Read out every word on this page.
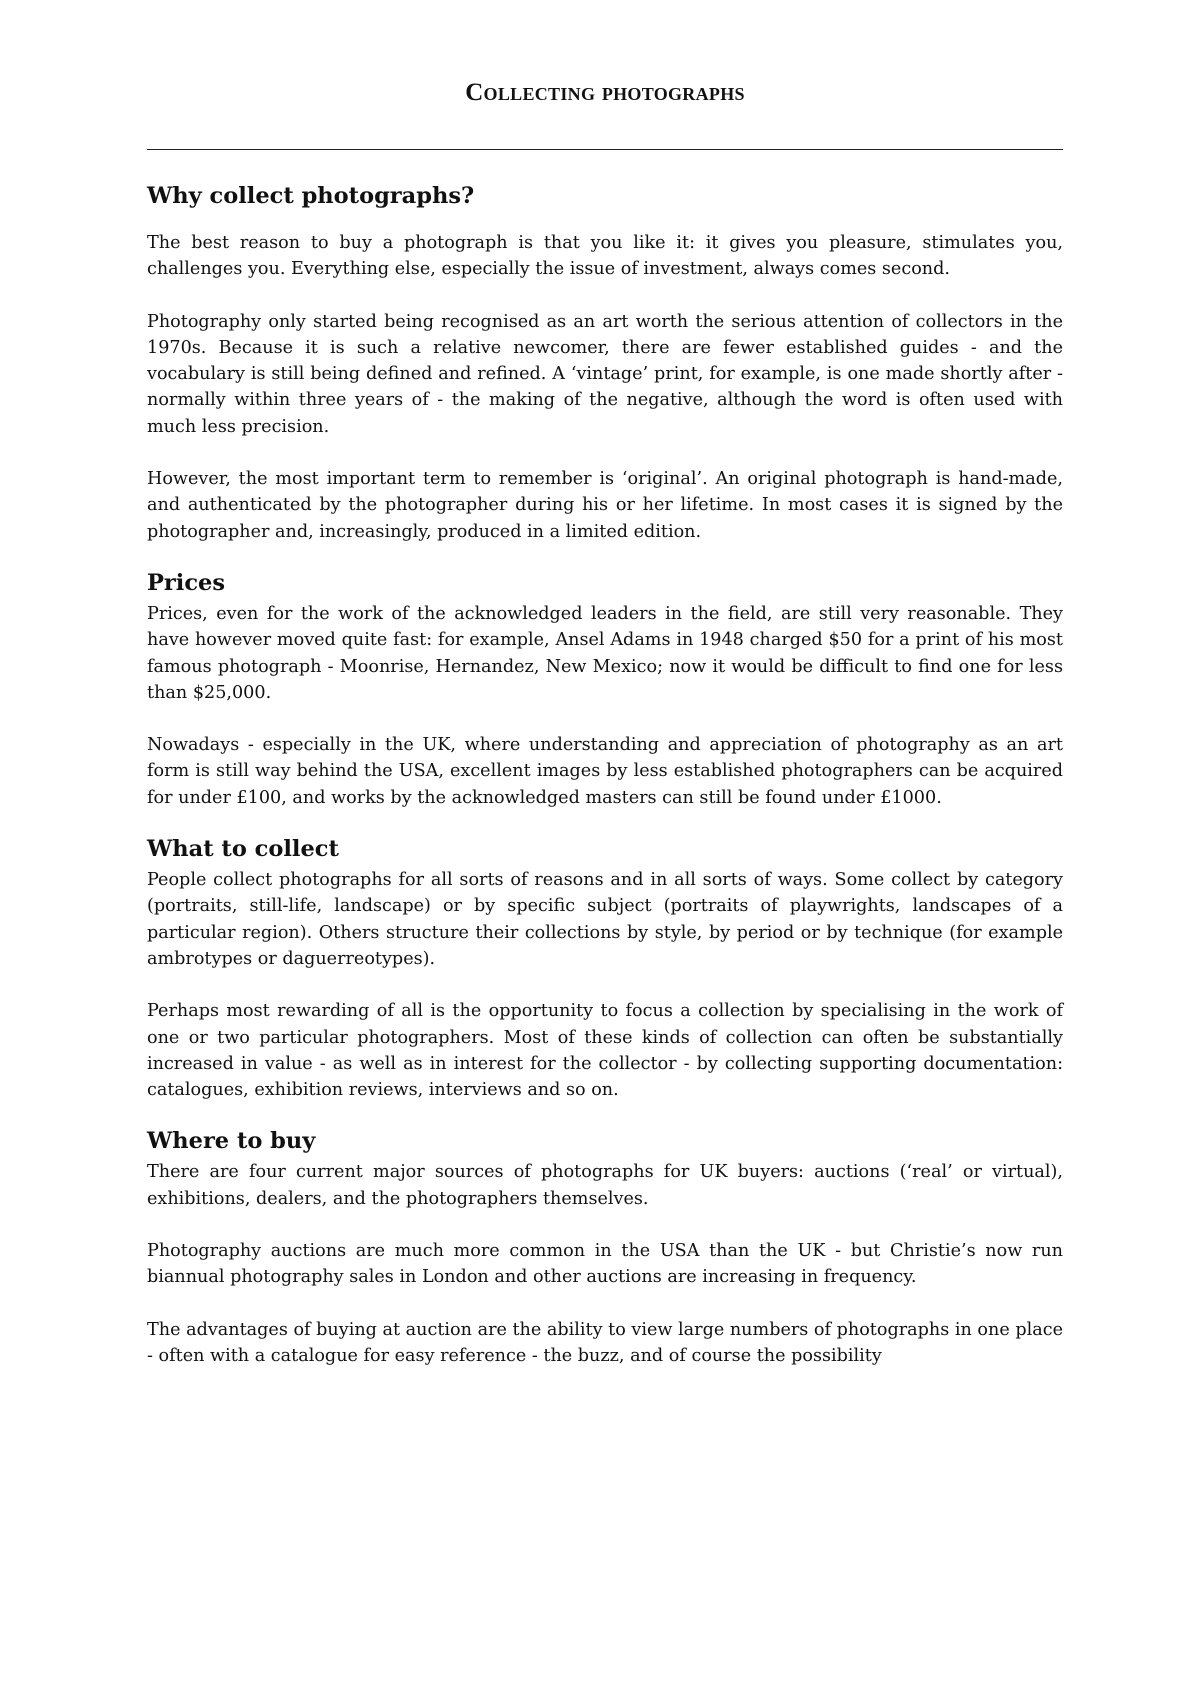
Collecting photographs
Why collect photographs?

The best reason to buy a photograph is that you like it: it gives you pleasure, stimulates you, challenges you. Everything else, especially the issue of investment, always comes second.

Photography only started being recognised as an art worth the serious attention of collectors in the 1970s. Because it is such a relative newcomer, there are fewer established guides - and the vocabulary is still being defined and refined. A ‘vintage’ print, for example, is one made shortly after - normally within three years of - the making of the negative, although the word is often used with much less precision.

However, the most important term to remember is ‘original’. An original photograph is hand-made, and authenticated by the photographer during his or her lifetime. In most cases it is signed by the photographer and, increasingly, produced in a limited edition.

Prices

Prices, even for the work of the acknowledged leaders in the field, are still very reasonable. They have however moved quite fast: for example, Ansel Adams in 1948 charged $50 for a print of his most famous photograph - Moonrise, Hernandez, New Mexico; now it would be difficult to find one for less than $25,000.

Nowadays - especially in the UK, where understanding and appreciation of photography as an art form is still way behind the USA, excellent images by less established photographers can be acquired for under £100, and works by the acknowledged masters can still be found under £1000.

What to collect

People collect photographs for all sorts of reasons and in all sorts of ways. Some collect by category (portraits, still-life, landscape) or by specific subject (portraits of playwrights, landscapes of a particular region). Others structure their collections by style, by period or by technique (for example ambrotypes or daguerreotypes).

Perhaps most rewarding of all is the opportunity to focus a collection by specialising in the work of one or two particular photographers. Most of these kinds of collection can often be substantially increased in value - as well as in interest for the collector - by collecting supporting documentation: catalogues, exhibition reviews, interviews and so on.

Where to buy

There are four current major sources of photographs for UK buyers: auctions (‘real’ or virtual), exhibitions, dealers, and the photographers themselves.

Photography auctions are much more common in the USA than the UK - but Christie’s now run biannual photography sales in London and other auctions are increasing in frequency.

The advantages of buying at auction are the ability to view large numbers of photographs in one place - often with a catalogue for easy reference - the buzz, and of course the possibility
